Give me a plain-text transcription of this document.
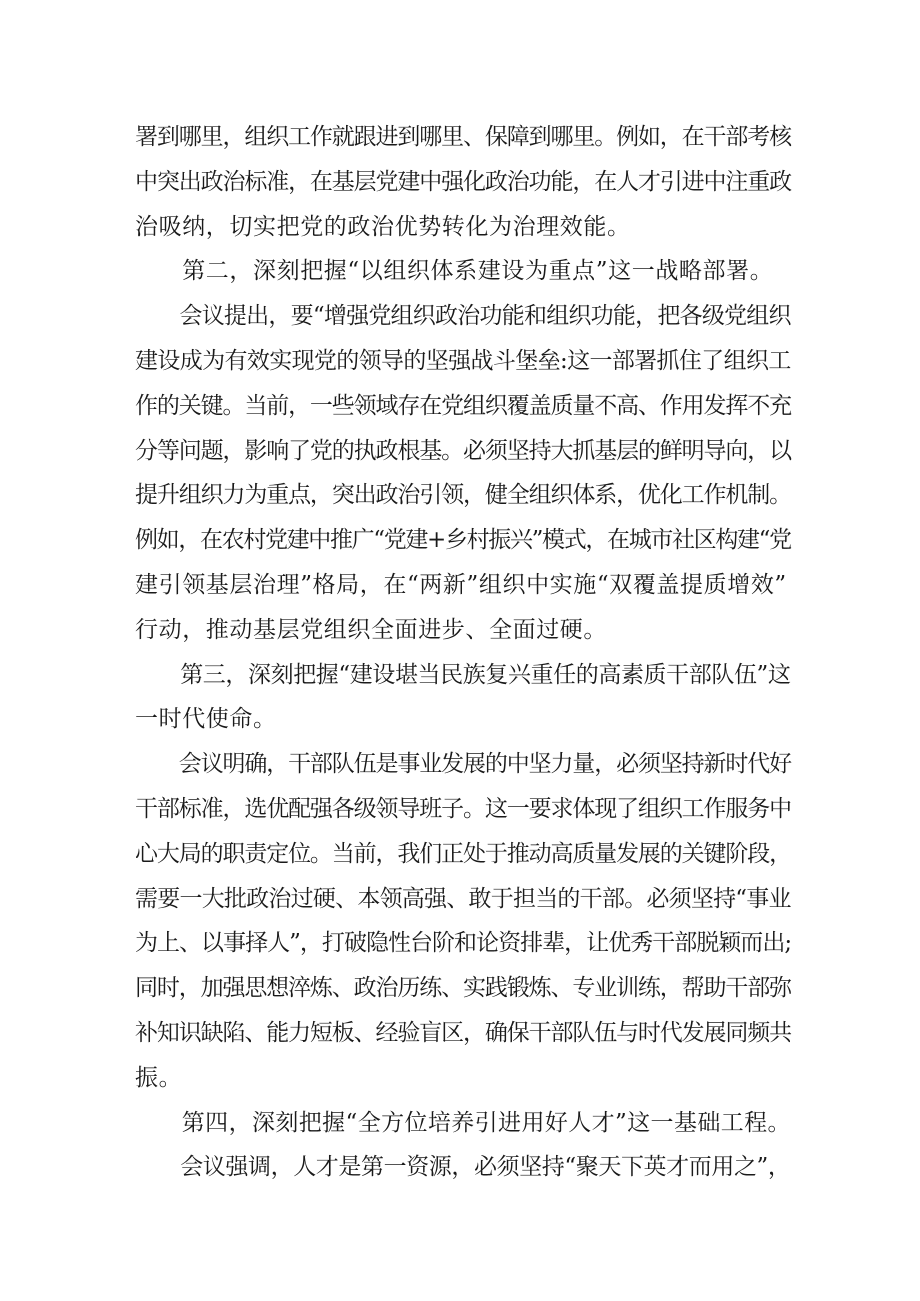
署到哪里，组织工作就跟进到哪里、保障到哪里。例如，在干部考核
中突出政治标准，在基层党建中强化政治功能，在人才引进中注重政
治吸纳，切实把党的政治优势转化为治理效能。
　　第二，深刻把握“以组织体系建设为重点”这一战略部署。
　　会议提出，要“增强党组织政治功能和组织功能，把各级党组织
建设成为有效实现党的领导的坚强战斗堡垒:这一部署抓住了组织工
作的关键。当前，一些领域存在党组织覆盖质量不高、作用发挥不充
分等问题，影响了党的执政根基。必须坚持大抓基层的鲜明导向，以
提升组织力为重点，突出政治引领，健全组织体系，优化工作机制。
例如，在农村党建中推广“党建+乡村振兴”模式，在城市社区构建“党
建引领基层治理”格局，在“两新”组织中实施“双覆盖提质增效”
行动，推动基层党组织全面进步、全面过硬。
　　第三，深刻把握“建设堪当民族复兴重任的高素质干部队伍”这
一时代使命。
　　会议明确，干部队伍是事业发展的中坚力量，必须坚持新时代好
干部标准，选优配强各级领导班子。这一要求体现了组织工作服务中
心大局的职责定位。当前，我们正处于推动高质量发展的关键阶段，
需要一大批政治过硬、本领高强、敢于担当的干部。必须坚持“事业
为上、以事择人”，打破隐性台阶和论资排辈，让优秀干部脱颖而出;
同时，加强思想淬炼、政治历练、实践锻炼、专业训练，帮助干部弥
补知识缺陷、能力短板、经验盲区，确保干部队伍与时代发展同频共
振。
　　第四，深刻把握“全方位培养引进用好人才”这一基础工程。
　　会议强调，人才是第一资源，必须坚持“聚天下英才而用之”，
